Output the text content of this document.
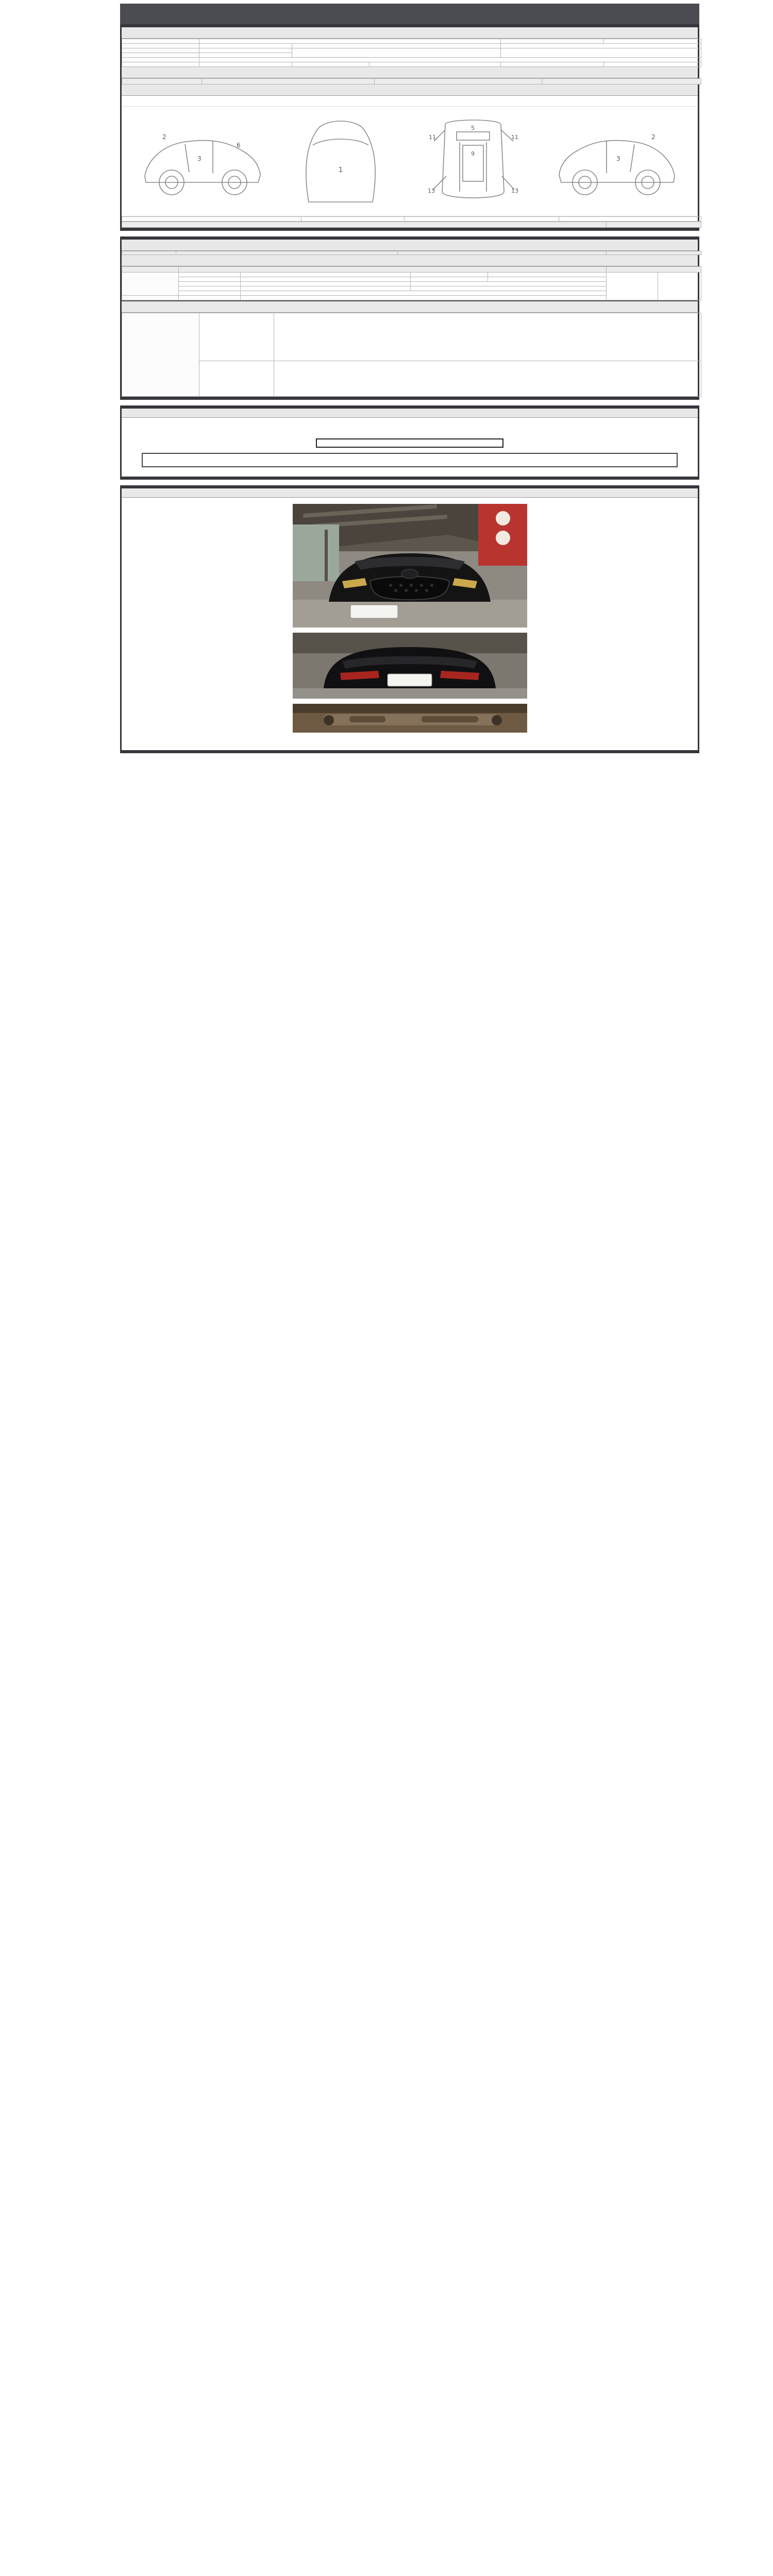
2
3
6
1
11	11
5
9
13	13
2
3
